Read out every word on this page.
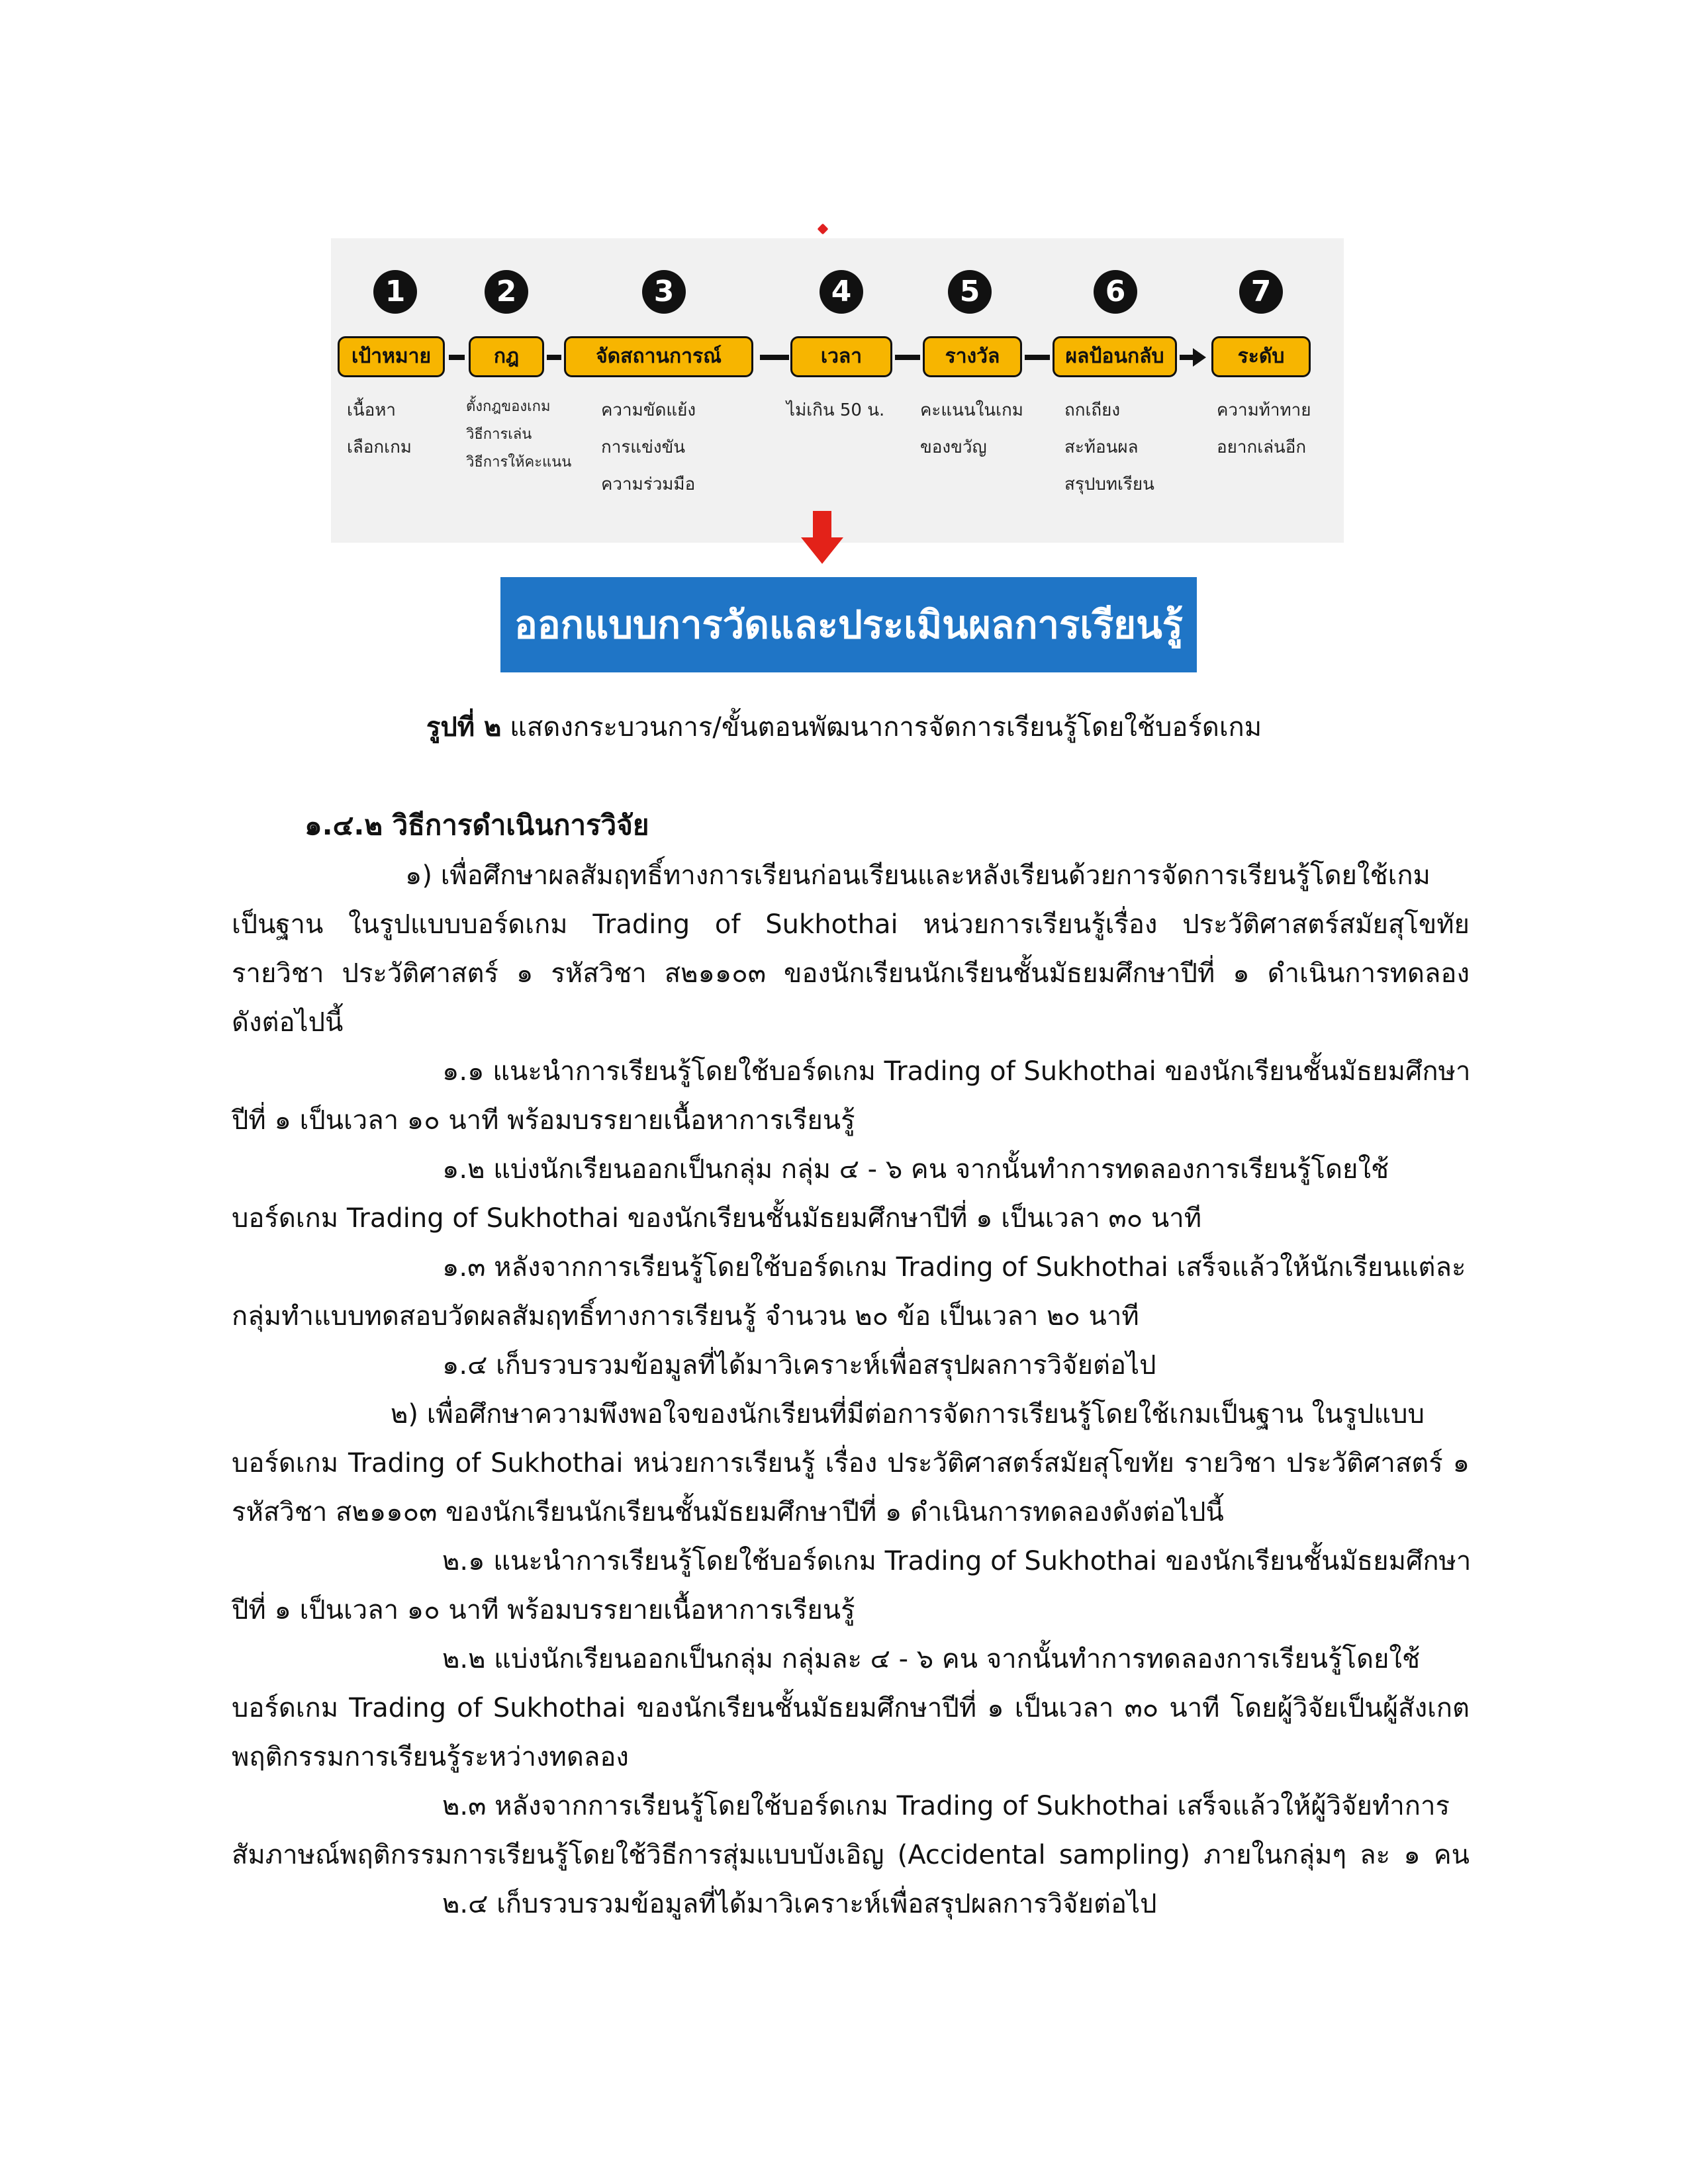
1
เป้าหมาย
เนื้อหา
เลือกเกม
2
กฎ
ตั้งกฎของเกม
วิธีการเล่น
วิธีการให้คะแนน
3
จัดสถานการณ์
ความขัดแย้ง
การแข่งขัน
ความร่วมมือ
4
เวลา
ไม่เกิน 50 น.
5
รางวัล
คะแนนในเกม
ของขวัญ
6
ผลป้อนกลับ
ถกเถียง
สะท้อนผล
สรุปบทเรียน
7
ระดับ
ความท้าทาย
อยากเล่นอีก
ออกแบบการวัดและประเมินผลการเรียนรู้
รูปที่ ๒ แสดงกระบวนการ/ขั้นตอนพัฒนาการจัดการเรียนรู้โดยใช้บอร์ดเกม
๑.๔.๒ วิธีการดำเนินการวิจัย
๑) เพื่อศึกษาผลสัมฤทธิ์ทางการเรียนก่อนเรียนและหลังเรียนด้วยการจัดการเรียนรู้โดยใช้เกม
เป็นฐาน ในรูปแบบบอร์ดเกม Trading of Sukhothai หน่วยการเรียนรู้เรื่อง ประวัติศาสตร์สมัยสุโขทัย
รายวิชา ประวัติศาสตร์ ๑ รหัสวิชา ส๒๑๑๐๓ ของนักเรียนนักเรียนชั้นมัธยมศึกษาปีที่ ๑ ดำเนินการทดลอง
ดังต่อไปนี้
๑.๑ แนะนำการเรียนรู้โดยใช้บอร์ดเกม Trading of Sukhothai ของนักเรียนชั้นมัธยมศึกษา
ปีที่ ๑ เป็นเวลา ๑๐ นาที พร้อมบรรยายเนื้อหาการเรียนรู้
๑.๒ แบ่งนักเรียนออกเป็นกลุ่ม กลุ่ม ๔ - ๖ คน จากนั้นทำการทดลองการเรียนรู้โดยใช้
บอร์ดเกม Trading of Sukhothai ของนักเรียนชั้นมัธยมศึกษาปีที่ ๑ เป็นเวลา ๓๐ นาที
๑.๓ หลังจากการเรียนรู้โดยใช้บอร์ดเกม Trading of Sukhothai เสร็จแล้วให้นักเรียนแต่ละ
กลุ่มทำแบบทดสอบวัดผลสัมฤทธิ์ทางการเรียนรู้ จำนวน ๒๐ ข้อ เป็นเวลา ๒๐ นาที
๑.๔ เก็บรวบรวมข้อมูลที่ได้มาวิเคราะห์เพื่อสรุปผลการวิจัยต่อไป
๒) เพื่อศึกษาความพึงพอใจของนักเรียนที่มีต่อการจัดการเรียนรู้โดยใช้เกมเป็นฐาน ในรูปแบบ
บอร์ดเกม Trading of Sukhothai หน่วยการเรียนรู้ เรื่อง ประวัติศาสตร์สมัยสุโขทัย รายวิชา ประวัติศาสตร์ ๑
รหัสวิชา ส๒๑๑๐๓ ของนักเรียนนักเรียนชั้นมัธยมศึกษาปีที่ ๑ ดำเนินการทดลองดังต่อไปนี้
๒.๑ แนะนำการเรียนรู้โดยใช้บอร์ดเกม Trading of Sukhothai ของนักเรียนชั้นมัธยมศึกษา
ปีที่ ๑ เป็นเวลา ๑๐ นาที พร้อมบรรยายเนื้อหาการเรียนรู้
๒.๒ แบ่งนักเรียนออกเป็นกลุ่ม กลุ่มละ ๔ - ๖ คน จากนั้นทำการทดลองการเรียนรู้โดยใช้
บอร์ดเกม Trading of Sukhothai ของนักเรียนชั้นมัธยมศึกษาปีที่ ๑ เป็นเวลา ๓๐ นาที โดยผู้วิจัยเป็นผู้สังเกต
พฤติกรรมการเรียนรู้ระหว่างทดลอง
๒.๓ หลังจากการเรียนรู้โดยใช้บอร์ดเกม Trading of Sukhothai เสร็จแล้วให้ผู้วิจัยทำการ
สัมภาษณ์พฤติกรรมการเรียนรู้โดยใช้วิธีการสุ่มแบบบังเอิญ (Accidental sampling) ภายในกลุ่มๆ ละ ๑ คน
๒.๔ เก็บรวบรวมข้อมูลที่ได้มาวิเคราะห์เพื่อสรุปผลการวิจัยต่อไป
